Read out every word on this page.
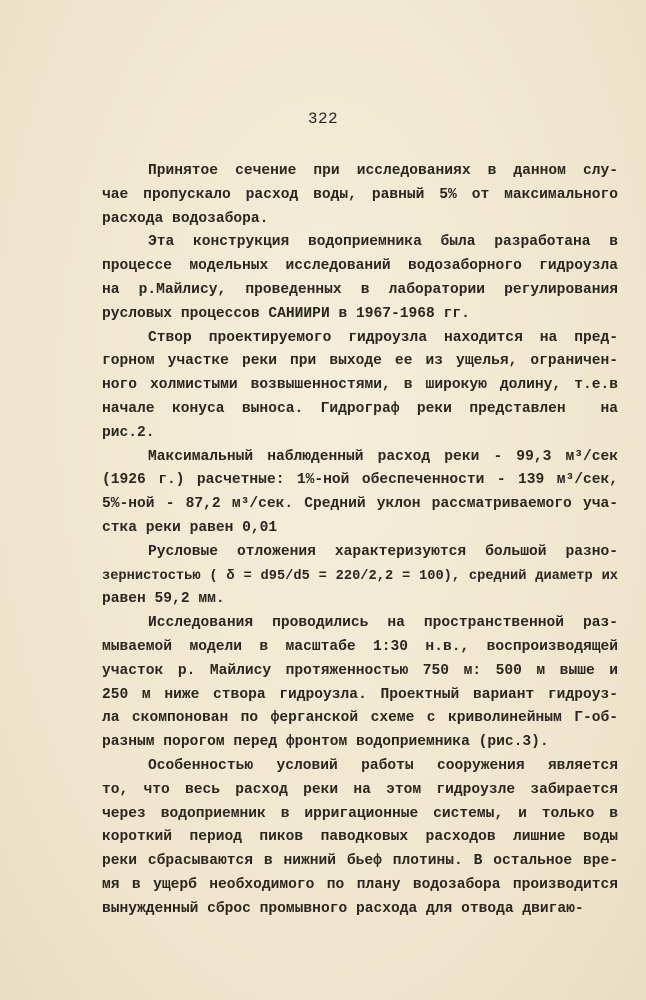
322
Принятое сечение при исследованиях в данном слу-
чае пропускало расход воды, равный 5% от максимального
расхода водозабора.
Эта конструкция водоприемника была разработана в
процессе модельных исследований водозаборного гидроузла
на р.Майлису, проведенных в лаборатории регулирования
русловых процессов САНИИРИ в 1967-1968 гг.
Створ проектируемого гидроузла находится на пред-
горном участке реки при выходе ее из ущелья, ограничен-
ного холмистыми возвышенностями, в широкую долину, т.е.в
начале конуса выноса. Гидрограф реки представлен  на
рис.2.
Максимальный наблюденный расход реки - 99,3 м³/сек
(1926 г.) расчетные: 1%-ной обеспеченности - 139 м³/сек,
5%-ной - 87,2 м³/сек. Средний уклон рассматриваемого уча-
стка реки равен 0,01
Русловые отложения характеризуются большой разно-
зернистостью ( δ = d95/d5 = 220/2,2 = 100), средний диаметр их
равен 59,2 мм.
Исследования проводились на пространственной раз-
мываемой модели в масштабе 1:30 н.в., воспроизводящей
участок р. Майлису протяженностью 750 м: 500 м выше и
250 м ниже створа гидроузла. Проектный вариант гидроуз-
ла скомпонован по ферганской схеме с криволинейным Г-об-
разным порогом перед фронтом водоприемника (рис.3).
Особенностью условий работы сооружения является
то, что весь расход реки на этом гидроузле забирается
через водоприемник в ирригационные системы, и только в
короткий период пиков паводковых расходов лишние воды
реки сбрасываются в нижний бьеф плотины. В остальное вре-
мя в ущерб необходимого по плану водозабора производится
вынужденный сброс промывного расхода для отвода двигаю-
